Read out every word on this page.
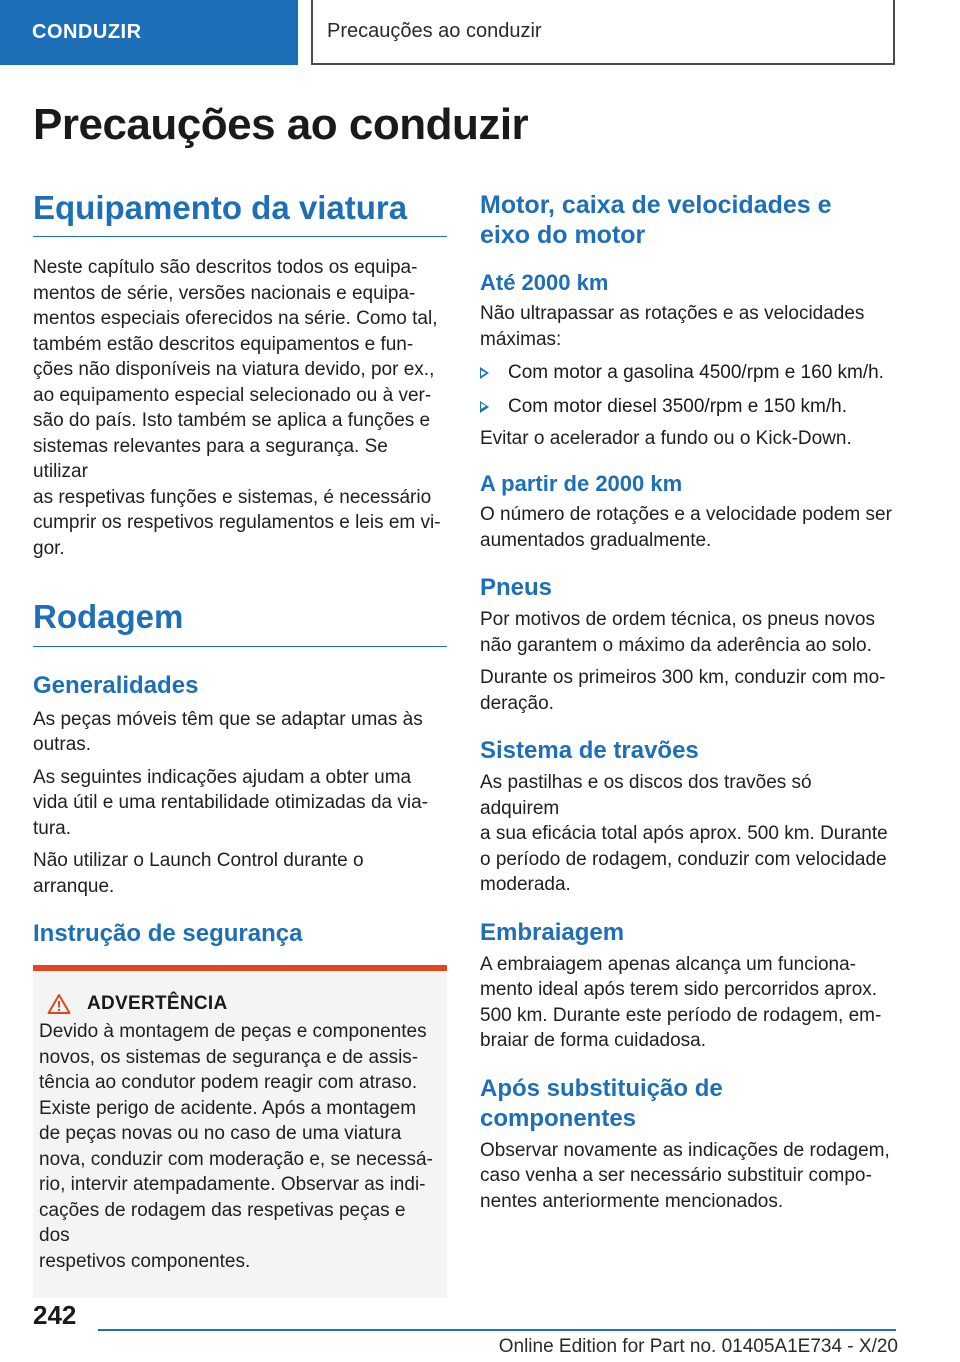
CONDUZIR	Precauções ao conduzir
Precauções ao conduzir
Equipamento da viatura

Neste capítulo são descritos todos os equipa-
mentos de série, versões nacionais e equipa-
mentos especiais oferecidos na série. Como tal,
também estão descritos equipamentos e fun-
ções não disponíveis na viatura devido, por ex.,
ao equipamento especial selecionado ou à ver-
são do país. Isto também se aplica a funções e
sistemas relevantes para a segurança. Se utilizar
as respetivas funções e sistemas, é necessário
cumprir os respetivos regulamentos e leis em vi-
gor.

Rodagem
Generalidades

As peças móveis têm que se adaptar umas às
outras.

As seguintes indicações ajudam a obter uma
vida útil e uma rentabilidade otimizadas da via-
tura.

Não utilizar o Launch Control durante o arranque.

Instrução de segurança
ADVERTÊNCIA

Devido à montagem de peças e componentes
novos, os sistemas de segurança e de assis-
tência ao condutor podem reagir com atraso.
Existe perigo de acidente. Após a montagem
de peças novas ou no caso de uma viatura
nova, conduzir com moderação e, se necessá-
rio, intervir atempadamente. Observar as indi-
cações de rodagem das respetivas peças e dos
respetivos componentes.

Motor, caixa de velocidades e
eixo do motor
Até 2000 km

Não ultrapassar as rotações e as velocidades
máximas:

Com motor a gasolina 4500/rpm e 160 km/h.
Com motor diesel 3500/rpm e 150 km/h.

Evitar o acelerador a fundo ou o Kick-Down.

A partir de 2000 km

O número de rotações e a velocidade podem ser
aumentados gradualmente.

Pneus

Por motivos de ordem técnica, os pneus novos
não garantem o máximo da aderência ao solo.

Durante os primeiros 300 km, conduzir com mo-
deração.

Sistema de travões

As pastilhas e os discos dos travões só adquirem
a sua eficácia total após aprox. 500 km. Durante
o período de rodagem, conduzir com velocidade
moderada.

Embraiagem

A embraiagem apenas alcança um funciona-
mento ideal após terem sido percorridos aprox.
500 km. Durante este período de rodagem, em-
braiar de forma cuidadosa.

Após substituição de
componentes

Observar novamente as indicações de rodagem,
caso venha a ser necessário substituir compo-
nentes anteriormente mencionados.

242
Online Edition for Part no. 01405A1E734 - X/20
